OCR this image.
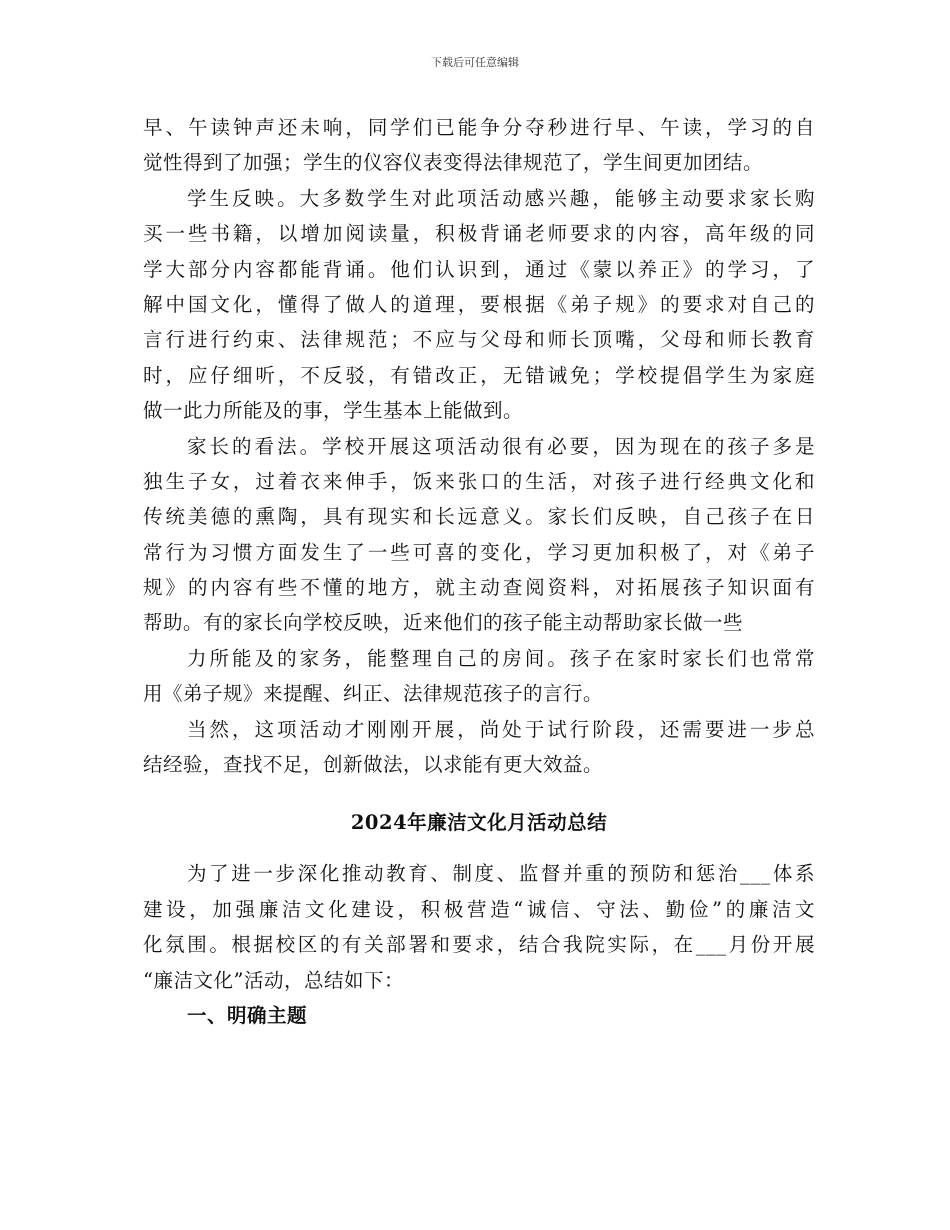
下载后可任意编辑
早、午读钟声还未响，同学们已能争分夺秒进行早、午读，学习的自
觉性得到了加强；学生的仪容仪表变得法律规范了，学生间更加团结。
学生反映。大多数学生对此项活动感兴趣，能够主动要求家长购
买一些书籍，以增加阅读量，积极背诵老师要求的内容，高年级的同
学大部分内容都能背诵。他们认识到，通过《蒙以养正》的学习，了
解中国文化，懂得了做人的道理，要根据《弟子规》的要求对自己的
言行进行约束、法律规范；不应与父母和师长顶嘴，父母和师长教育
时，应仔细听，不反驳，有错改正，无错诫免；学校提倡学生为家庭
做一此力所能及的事，学生基本上能做到。
家长的看法。学校开展这项活动很有必要，因为现在的孩子多是
独生子女，过着衣来伸手，饭来张口的生活，对孩子进行经典文化和
传统美德的熏陶，具有现实和长远意义。家长们反映，自己孩子在日
常行为习惯方面发生了一些可喜的变化，学习更加积极了，对《弟子
规》的内容有些不懂的地方，就主动查阅资料，对拓展孩子知识面有
帮助。有的家长向学校反映，近来他们的孩子能主动帮助家长做一些
力所能及的家务，能整理自己的房间。孩子在家时家长们也常常
用《弟子规》来提醒、纠正、法律规范孩子的言行。
当然，这项活动才刚刚开展，尚处于试行阶段，还需要进一步总
结经验，查找不足，创新做法，以求能有更大效益。
2024年廉洁文化月活动总结
为了进一步深化推动教育、制度、监督并重的预防和惩治___体系
建设，加强廉洁文化建设，积极营造“诚信、守法、勤俭”的廉洁文
化氛围。根据校区的有关部署和要求，结合我院实际，在___月份开展
“廉洁文化”活动，总结如下：
一、明确主题
